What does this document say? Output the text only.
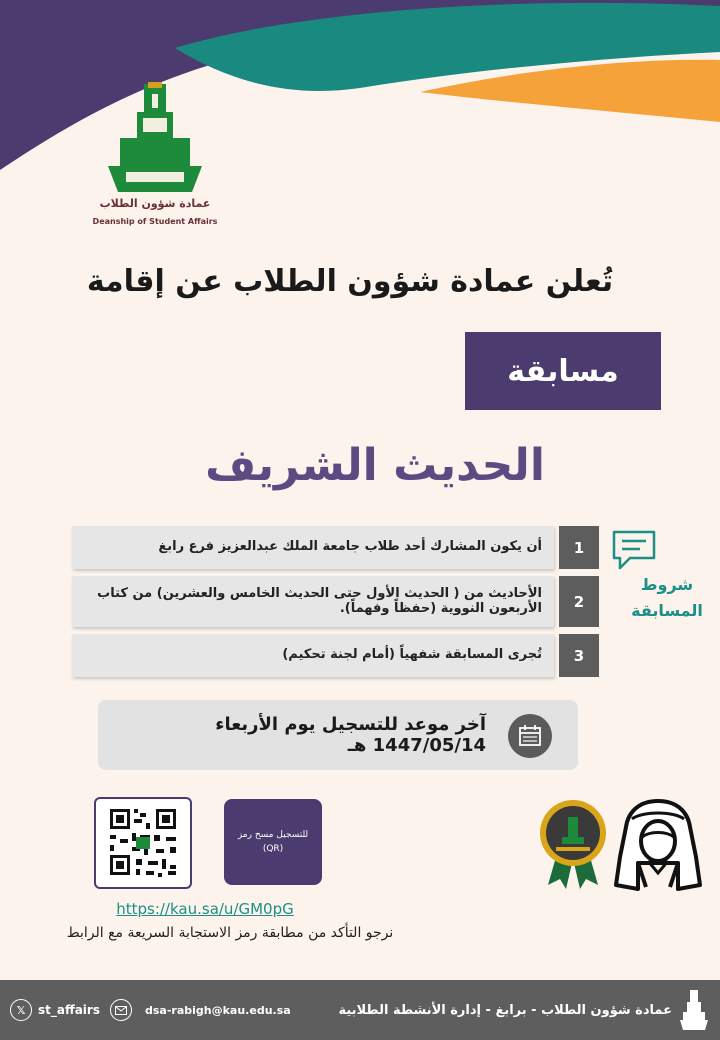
عمادة شؤون الطلاب
Deanship of Student Affairs
تُعلن عمادة شؤون الطلاب عن إقامة
مسابقة
الحديث الشريف
أن يكون المشارك أحد طلاب جامعة الملك عبدالعزيز فرع رابغ	1
الأحاديث من ( الحديث الأول حتى الحديث الخامس والعشرين) من كتاب الأربعون النووية (حفظاً وفهماً).	2
تُجرى المسابقة شفهياً (أمام لجنة تحكيم)	3
شروط
المسابقة
آخر موعد للتسجيل يوم الأربعاء 1447/05/14 هـ
للتسجيل مسح رمز
(QR)
https://kau.sa/u/GM0pG
نرجو التأكد من مطابقة رمز الاستجابة السريعة مع الرابط
عمادة شؤون الطلاب - برابغ - إدارة الأنشطة الطلابية
dsa-rabigh@kau.edu.sa
st_affairs
𝕏
